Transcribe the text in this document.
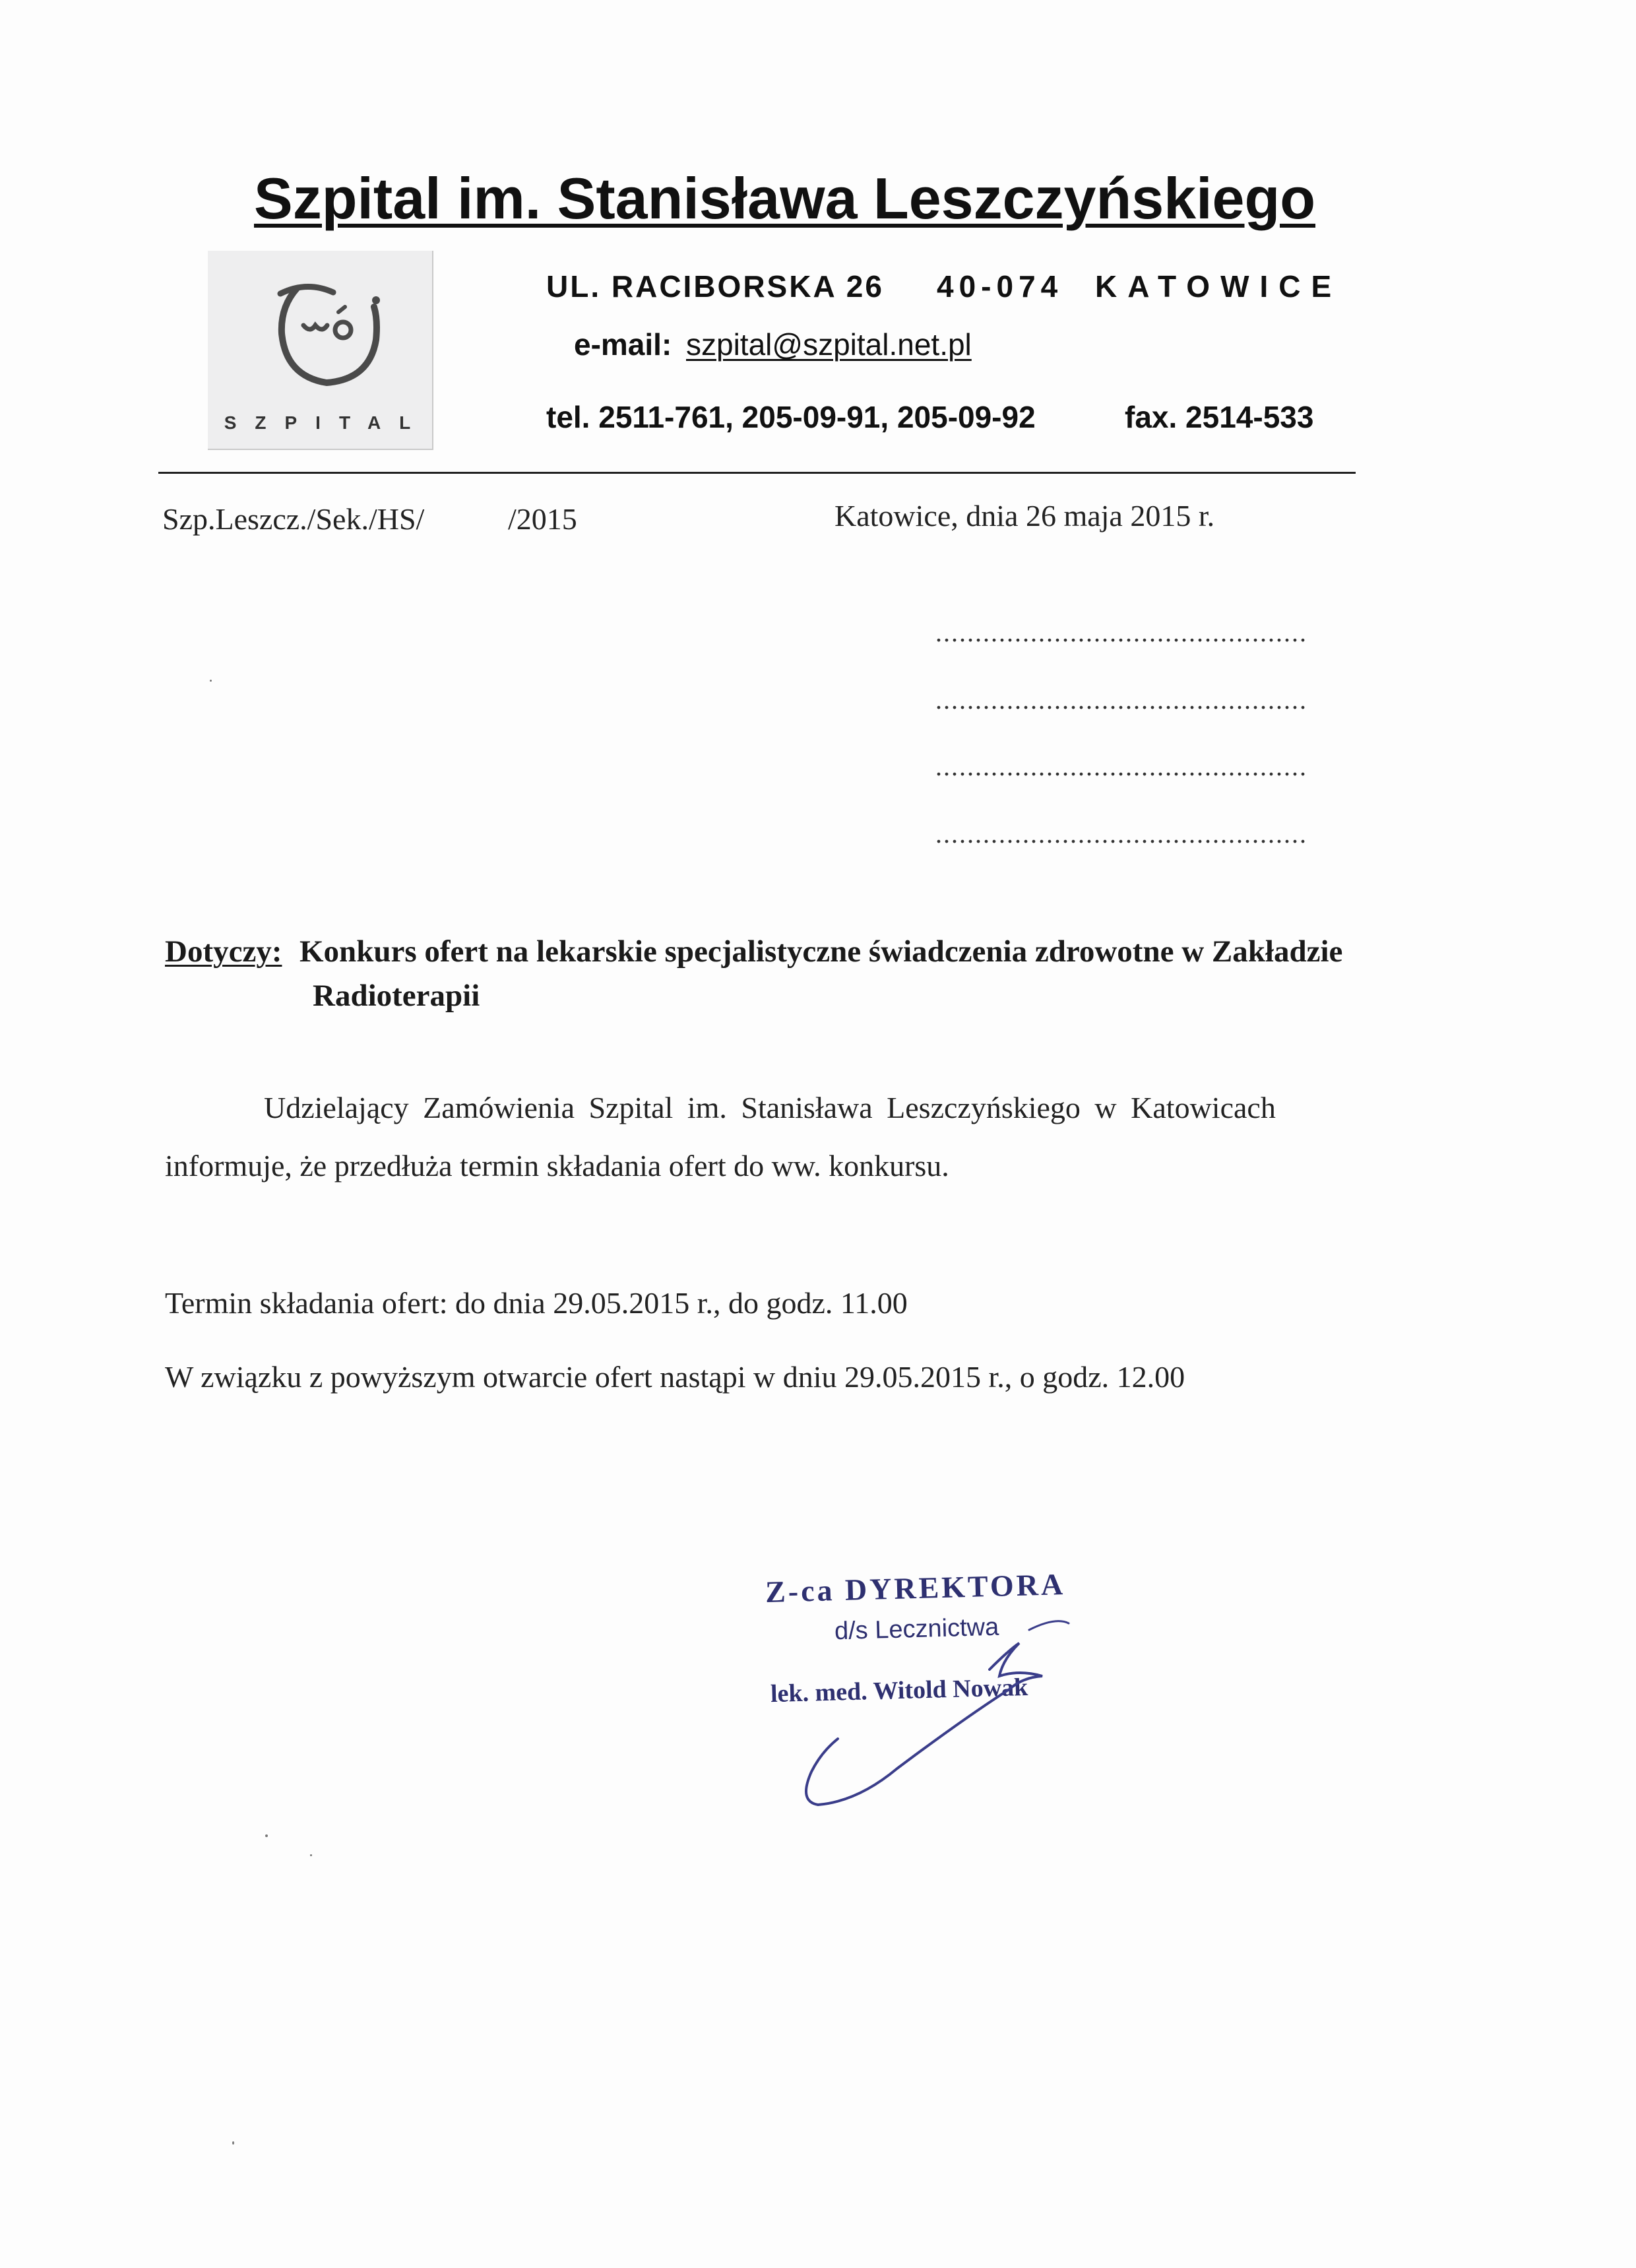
Szpital im. Stanisława Leszczyńskiego
SZPITAL
UL. RACIBORSKA 26 40-074 KATOWICE
e-mail: szpital@szpital.net.pl
tel. 2511-761, 205-09-91, 205-09-92	fax. 2514-533
Szp.Leszcz./Sek./HS/	/2015	Katowice, dnia 26 maja 2015 r.
...............................................
...............................................
...............................................
...............................................
Dotyczy: Konkurs ofert na lekarskie specjalistyczne świadczenia zdrowotne w Zakładzie
Radioterapii
Udzielający Zamówienia Szpital im. Stanisława Leszczyńskiego w Katowicach
informuje, że przedłuża termin składania ofert do ww. konkursu.
Termin składania ofert: do dnia 29.05.2015 r., do godz. 11.00
W związku z powyższym otwarcie ofert nastąpi w dniu 29.05.2015 r., o godz. 12.00
Z-ca DYREKTORA
d/s Lecznictwa
lek. med. Witold Nowak
